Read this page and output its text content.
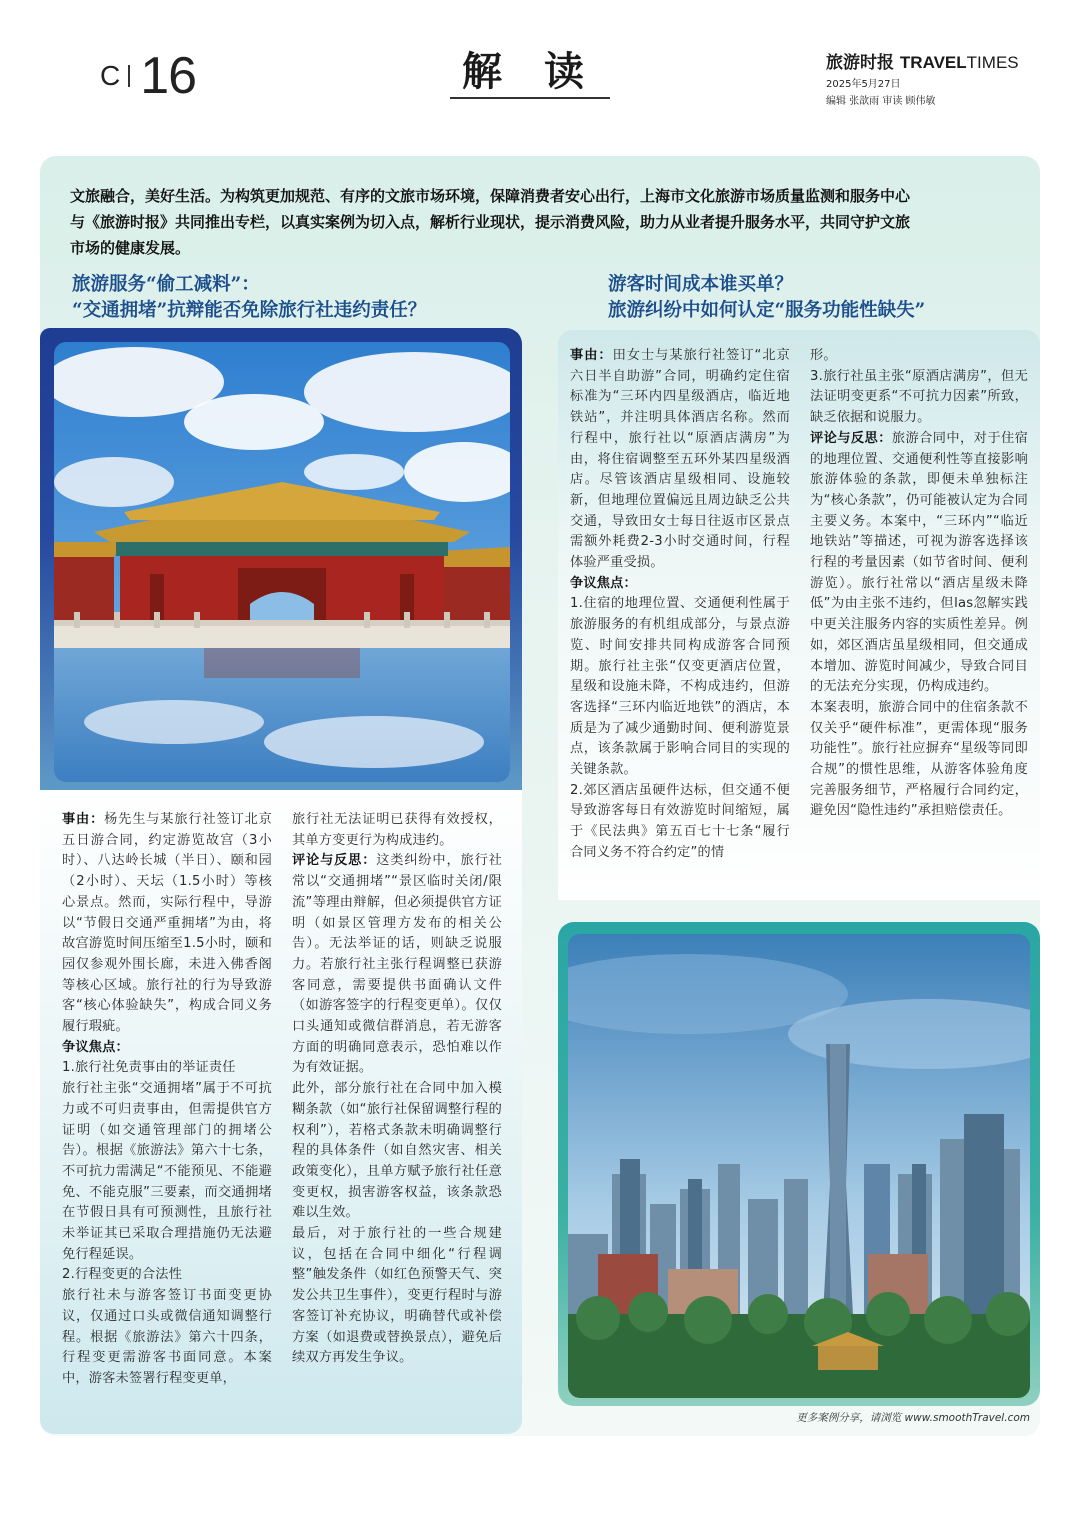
C 16	解 读	旅游时报 TRAVELTIMES
2025年5月27日
编辑 张歆雨 审读 顾伟敏
文旅融合，美好生活。为构筑更加规范、有序的文旅市场环境，保障消费者安心出行，上海市文化旅游市场质量监测和服务中心与《旅游时报》共同推出专栏，以真实案例为切入点，解析行业现状，提示消费风险，助力从业者提升服务水平，共同守护文旅市场的健康发展。
旅游服务“偷工减料”：
“交通拥堵”抗辩能否免除旅行社违约责任？
游客时间成本谁买单？
旅游纠纷中如何认定“服务功能性缺失”

事由：杨先生与某旅行社签订北京五日游合同，约定游览故宫（3小时）、八达岭长城（半日）、颐和园（2小时）、天坛（1.5小时）等核心景点。然而，实际行程中，导游以“节假日交通严重拥堵”为由，将故宫游览时间压缩至1.5小时，颐和园仅参观外围长廊，未进入佛香阁等核心区域。旅行社的行为导致游客“核心体验缺失”，构成合同义务履行瑕疵。

争议焦点：

1.旅行社免责事由的举证责任

旅行社主张“交通拥堵”属于不可抗力或不可归责事由，但需提供官方证明（如交通管理部门的拥堵公告）。根据《旅游法》第六十七条，不可抗力需满足“不能预见、不能避免、不能克服”三要素，而交通拥堵在节假日具有可预测性，且旅行社未举证其已采取合理措施仍无法避免行程延误。

2.行程变更的合法性

旅行社未与游客签订书面变更协议，仅通过口头或微信通知调整行程。根据《旅游法》第六十四条，行程变更需游客书面同意。本案中，游客未签署行程变更单，

旅行社无法证明已获得有效授权，其单方变更行为构成违约。

评论与反思：这类纠纷中，旅行社常以“交通拥堵”“景区临时关闭/限流”等理由辩解，但必须提供官方证明（如景区管理方发布的相关公告）。无法举证的话，则缺乏说服力。若旅行社主张行程调整已获游客同意，需要提供书面确认文件（如游客签字的行程变更单）。仅仅口头通知或微信群消息，若无游客方面的明确同意表示，恐怕难以作为有效证据。

此外，部分旅行社在合同中加入模糊条款（如“旅行社保留调整行程的权利”），若格式条款未明确调整行程的具体条件（如自然灾害、相关政策变化），且单方赋予旅行社任意变更权，损害游客权益，该条款恐难以生效。

最后，对于旅行社的一些合规建议，包括在合同中细化“行程调整”触发条件（如红色预警天气、突发公共卫生事件），变更行程时与游客签订补充协议，明确替代或补偿方案（如退费或替换景点），避免后续双方再发生争议。

事由：田女士与某旅行社签订“北京六日半自助游”合同，明确约定住宿标准为“三环内四星级酒店，临近地铁站”，并注明具体酒店名称。然而行程中，旅行社以“原酒店满房”为由，将住宿调整至五环外某四星级酒店。尽管该酒店星级相同、设施较新，但地理位置偏远且周边缺乏公共交通，导致田女士每日往返市区景点需额外耗费2-3小时交通时间，行程体验严重受损。

争议焦点：

1.住宿的地理位置、交通便利性属于旅游服务的有机组成部分，与景点游览、时间安排共同构成游客合同预期。旅行社主张“仅变更酒店位置，星级和设施未降，不构成违约，但游客选择“三环内临近地铁”的酒店，本质是为了减少通勤时间、便利游览景点，该条款属于影响合同目的实现的关键条款。

2.郊区酒店虽硬件达标，但交通不便导致游客每日有效游览时间缩短，属于《民法典》第五百七十七条“履行合同义务不符合约定”的情

形。

3.旅行社虽主张“原酒店满房”，但无法证明变更系“不可抗力因素”所致，缺乏依据和说服力。

评论与反思：旅游合同中，对于住宿的地理位置、交通便利性等直接影响旅游体验的条款，即便未单独标注为“核心条款”，仍可能被认定为合同主要义务。本案中，“三环内”“临近地铁站”等描述，可视为游客选择该行程的考量因素（如节省时间、便利游览）。旅行社常以“酒店星级未降低”为由主张不违约，但las忽解实践中更关注服务内容的实质性差异。例如，郊区酒店虽星级相同，但交通成本增加、游览时间减少，导致合同目的无法充分实现，仍构成违约。

本案表明，旅游合同中的住宿条款不仅关乎“硬件标准”，更需体现“服务功能性”。旅行社应摒弃“星级等同即合规”的惯性思维，从游客体验角度完善服务细节，严格履行合同约定，避免因“隐性违约”承担赔偿责任。

更多案例分享，请浏览 www.smoothTravel.com
